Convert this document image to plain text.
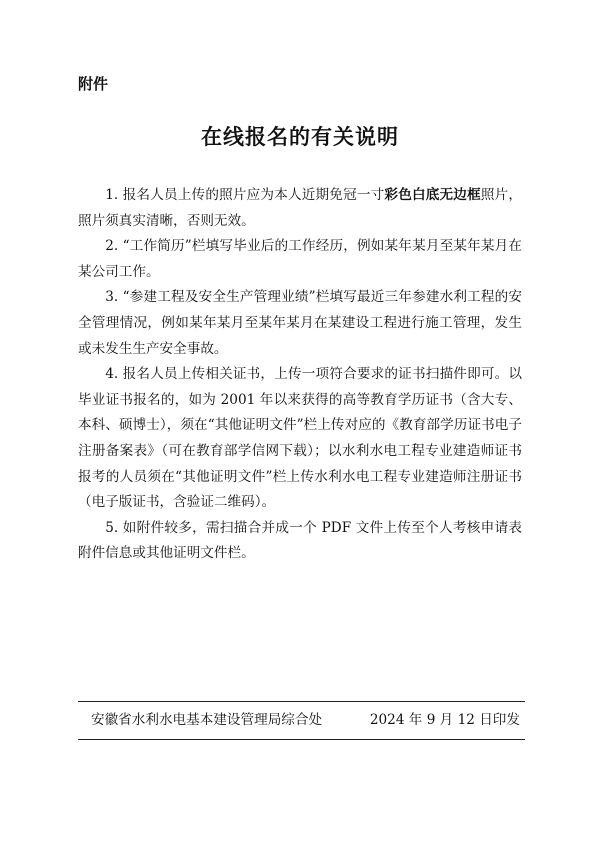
附件
在线报名的有关说明

1. 报名人员上传的照片应为本人近期免冠一寸彩色白底无边框照片，照片须真实清晰，否则无效。

2. “工作简历”栏填写毕业后的工作经历，例如某年某月至某年某月在某公司工作。

3. “参建工程及安全生产管理业绩”栏填写最近三年参建水利工程的安全管理情况，例如某年某月至某年某月在某建设工程进行施工管理，发生或未发生生产安全事故。

4. 报名人员上传相关证书，上传一项符合要求的证书扫描件即可。以毕业证书报名的，如为 2001 年以来获得的高等教育学历证书（含大专、本科、硕博士），须在“其他证明文件”栏上传对应的《教育部学历证书电子注册备案表》（可在教育部学信网下载）；以水利水电工程专业建造师证书报考的人员须在“其他证明文件”栏上传水利水电工程专业建造师注册证书（电子版证书，含验证二维码）。

5. 如附件较多，需扫描合并成一个 PDF 文件上传至个人考核申请表附件信息或其他证明文件栏。

安徽省水利水电基本建设管理局综合处	2024 年 9 月 12 日印发
